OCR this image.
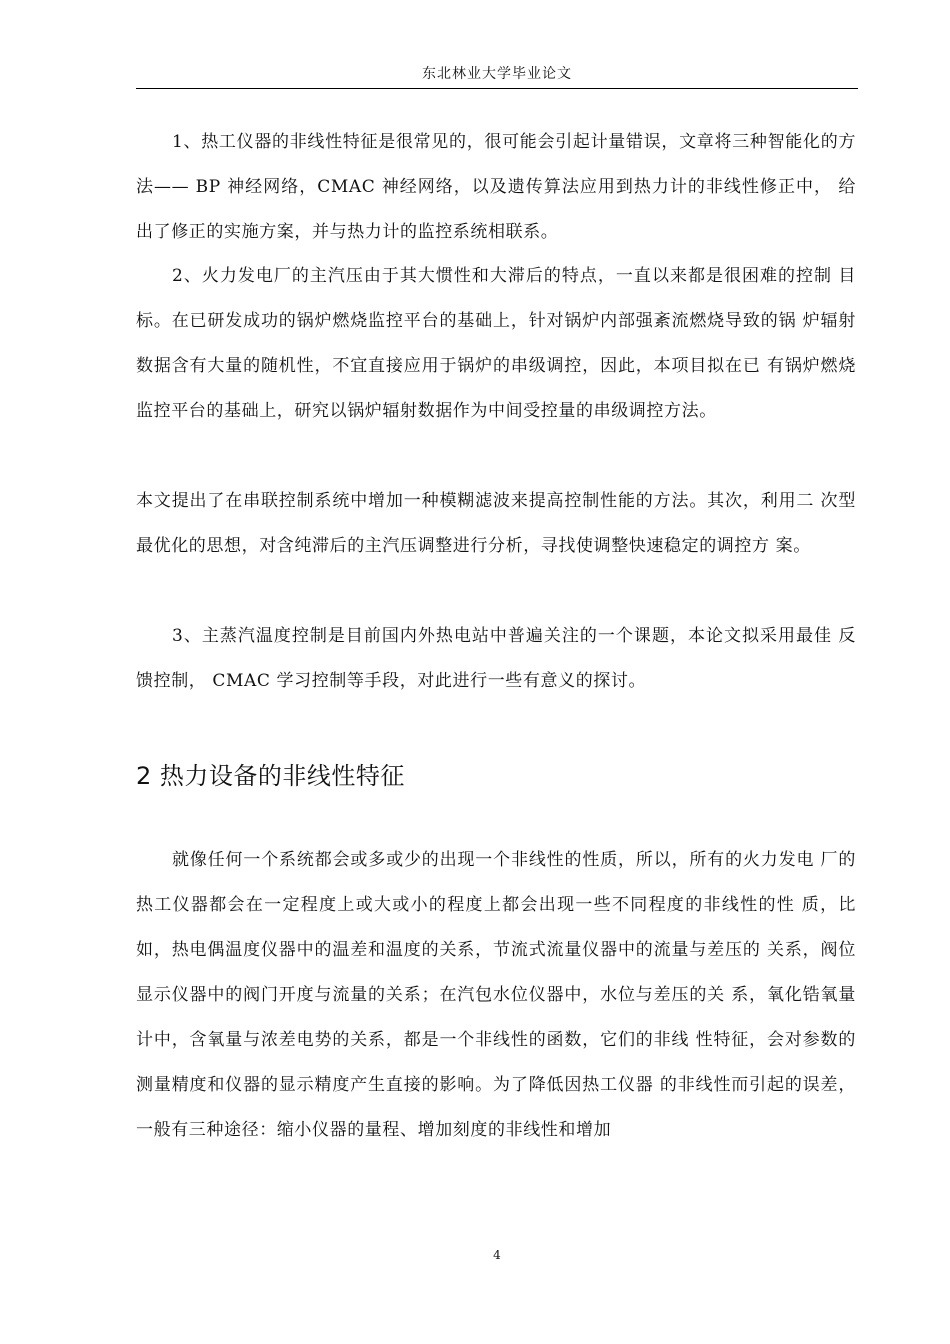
东北林业大学毕业论文

1、热工仪器的非线性特征是很常见的，很可能会引起计量错误，文章将三种智能化的方法—— BP 神经网络，CMAC 神经网络，以及遗传算法应用到热力计的非线性修正中， 给出了修正的实施方案，并与热力计的监控系统相联系。

2、火力发电厂的主汽压由于其大惯性和大滞后的特点，一直以来都是很困难的控制 目标。在已研发成功的锅炉燃烧监控平台的基础上，针对锅炉内部强紊流燃烧导致的锅 炉辐射数据含有大量的随机性，不宜直接应用于锅炉的串级调控，因此，本项目拟在已 有锅炉燃烧监控平台的基础上，研究以锅炉辐射数据作为中间受控量的串级调控方法。

本文提出了在串联控制系统中增加一种模糊滤波来提高控制性能的方法。其次，利用二 次型最优化的思想，对含纯滞后的主汽压调整进行分析，寻找使调整快速稳定的调控方 案。

3、主蒸汽温度控制是目前国内外热电站中普遍关注的一个课题，本论文拟采用最佳 反馈控制， CMAC 学习控制等手段，对此进行一些有意义的探讨。

2 热力设备的非线性特征

就像任何一个系统都会或多或少的出现一个非线性的性质，所以，所有的火力发电 厂的热工仪器都会在一定程度上或大或小的程度上都会出现一些不同程度的非线性的性 质，比如，热电偶温度仪器中的温差和温度的关系，节流式流量仪器中的流量与差压的 关系，阀位显示仪器中的阀门开度与流量的关系；在汽包水位仪器中，水位与差压的关 系，氧化锆氧量计中，含氧量与浓差电势的关系，都是一个非线性的函数，它们的非线 性特征，会对参数的测量精度和仪器的显示精度产生直接的影响。为了降低因热工仪器 的非线性而引起的误差，一般有三种途径：缩小仪器的量程、增加刻度的非线性和增加

4
